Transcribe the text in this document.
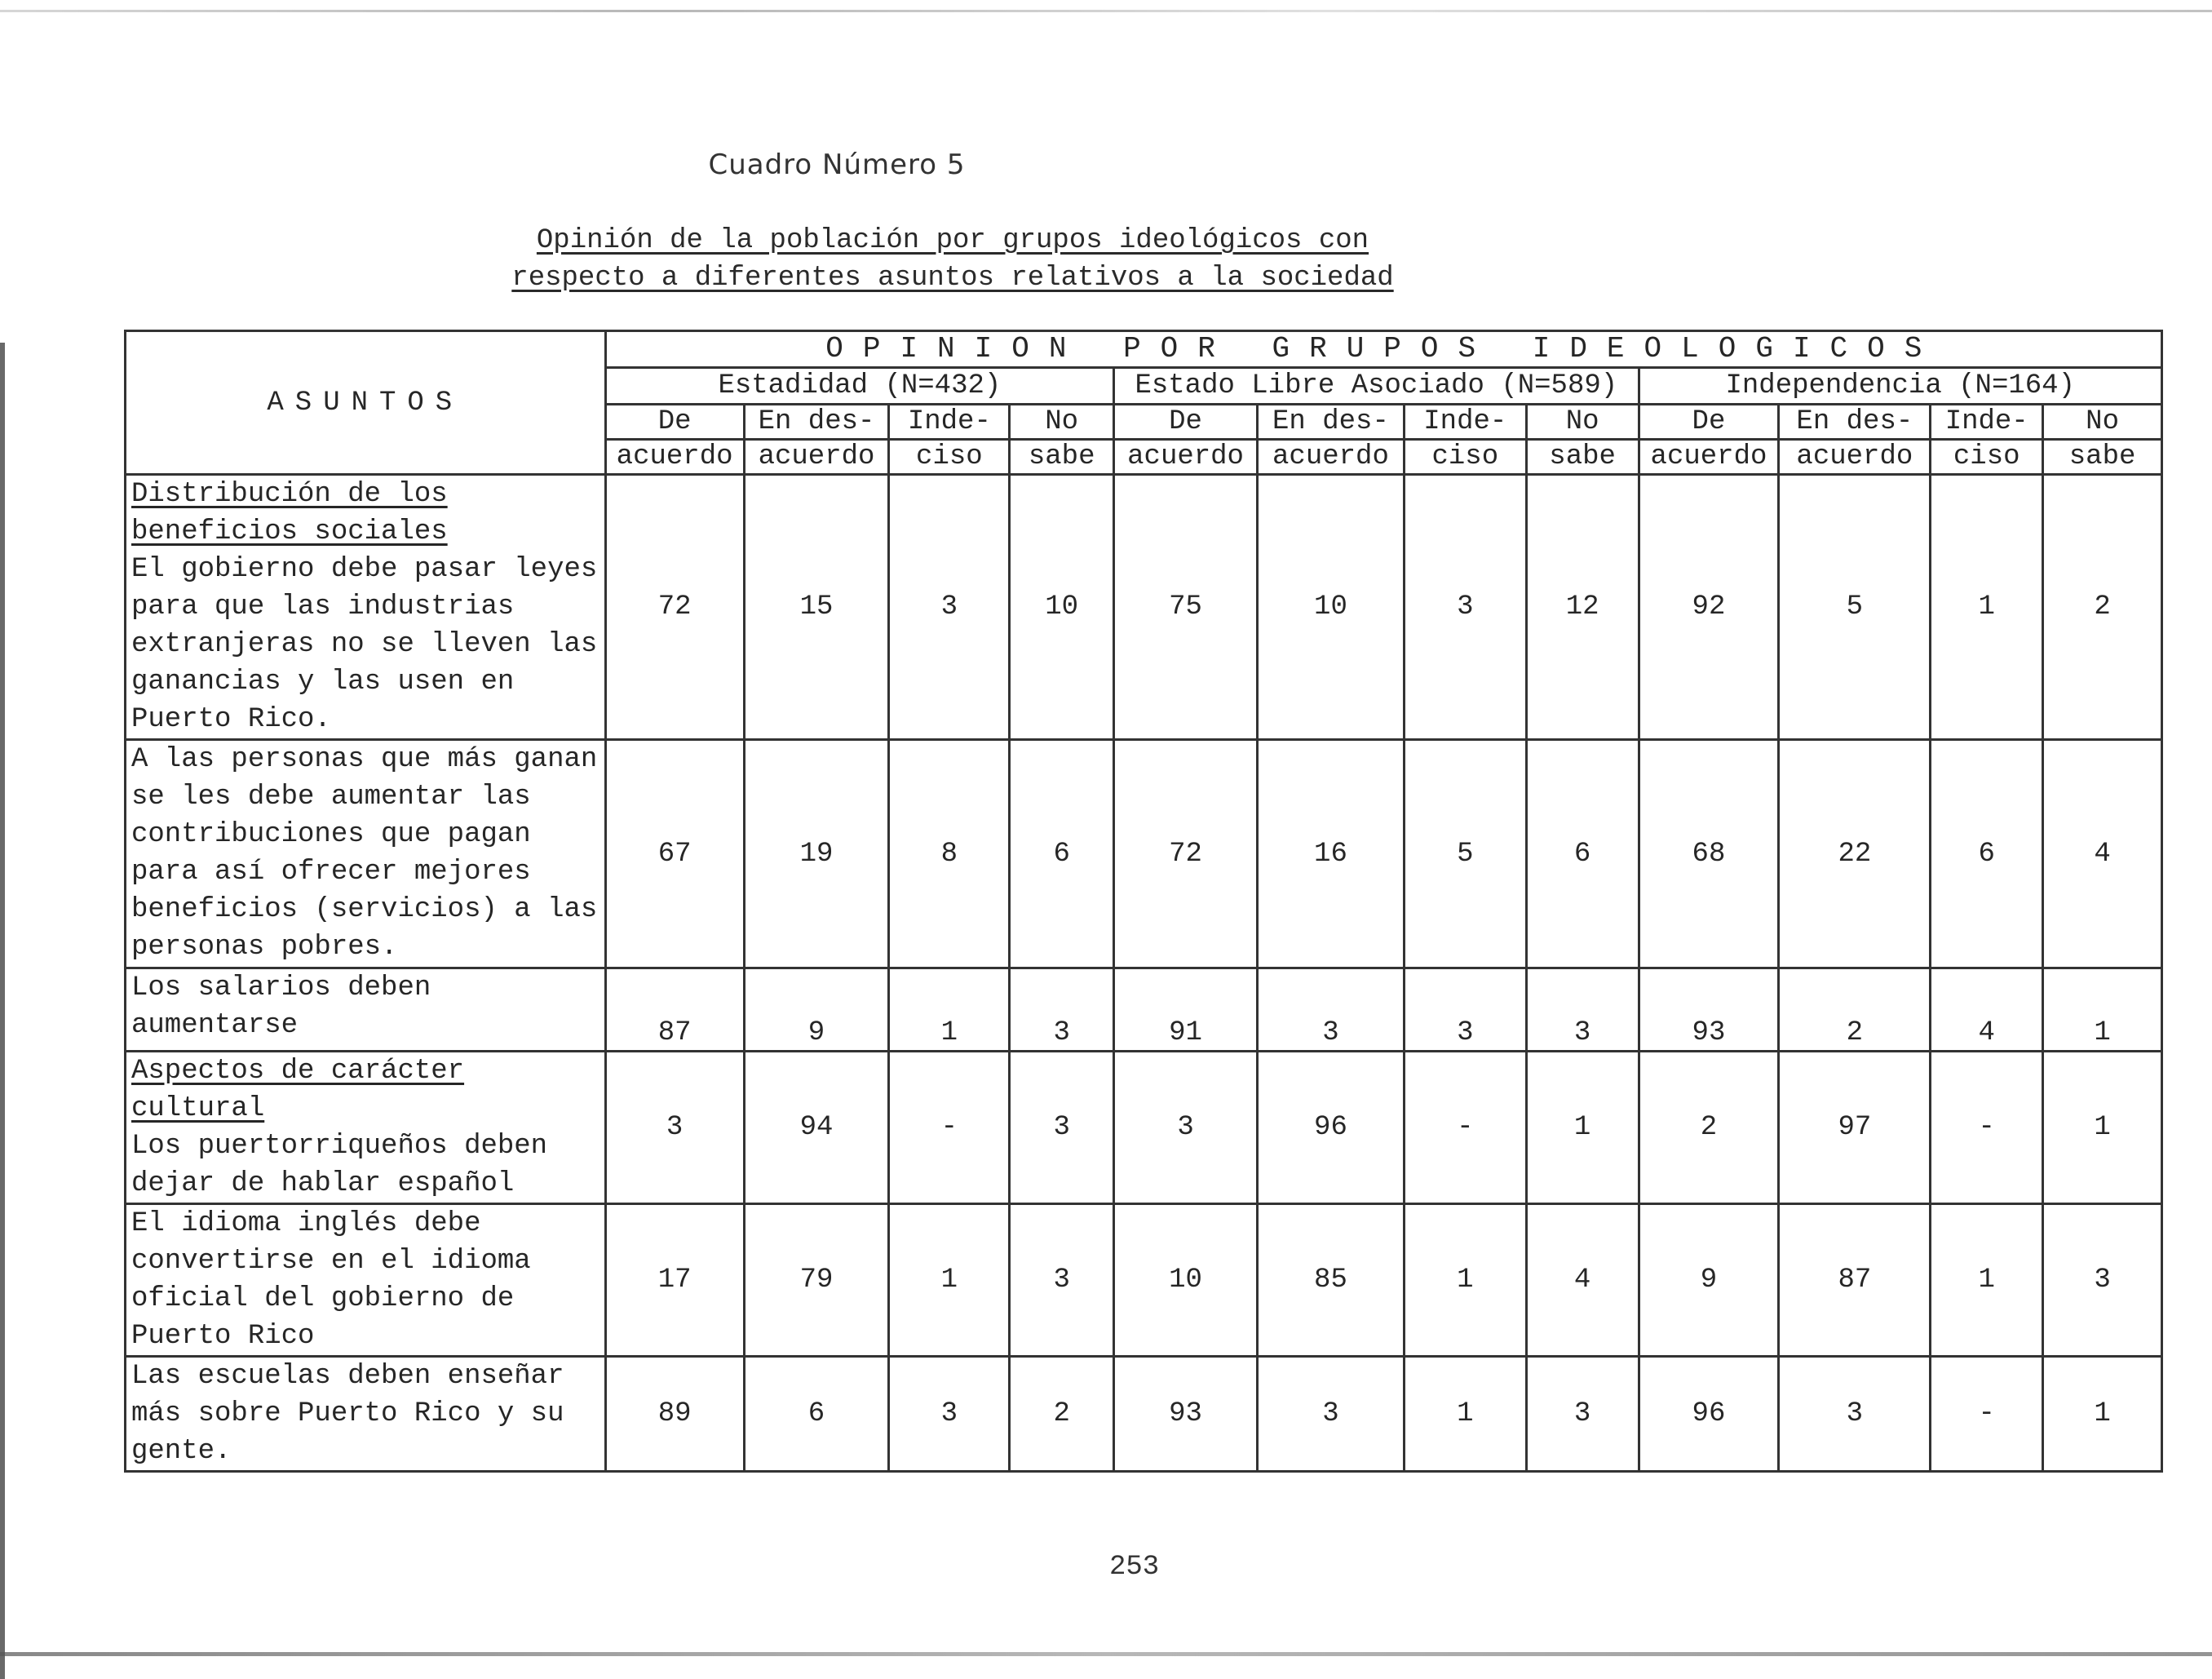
Cuadro Número 5
Opinión de la población por grupos ideológicos con
respecto a diferentes asuntos relativos a la sociedad
ASUNTOS	OPINION POR GRUPOS IDEOLOGICOS											
	Estadidad (N=432)				Estado Libre Asociado (N=589)				Independencia (N=164)			
	De	En des-	Inde-	No	De	En des-	Inde-	No	De	En des-	Inde-	No
	acuerdo	acuerdo	ciso	sabe	acuerdo	acuerdo	ciso	sabe	acuerdo	acuerdo	ciso	sabe

Distribución de los beneficios sociales
El gobierno debe pasar leyes para que las industrias extranjeras no se lleven las ganancias y las usen en Puerto Rico.	72	15	3	10	75	10	3	12	92	5	1	2

A las personas que más ganan se les debe aumentar las contribuciones que pagan para así ofrecer mejores beneficios (servicios) a las personas pobres.	67	19	8	6	72	16	5	6	68	22	6	4

Los salarios deben aumentarse	87	9	1	3	91	3	3	3	93	2	4	1

Aspectos de carácter cultural
Los puertorriqueños deben dejar de hablar español	3	94	-	3	3	96	-	1	2	97	-	1

El idioma inglés debe convertirse en el idioma oficial del gobierno de Puerto Rico	17	79	1	3	10	85	1	4	9	87	1	3

Las escuelas deben enseñar más sobre Puerto Rico y su gente.	89	6	3	2	93	3	1	3	96	3	-	1
253
